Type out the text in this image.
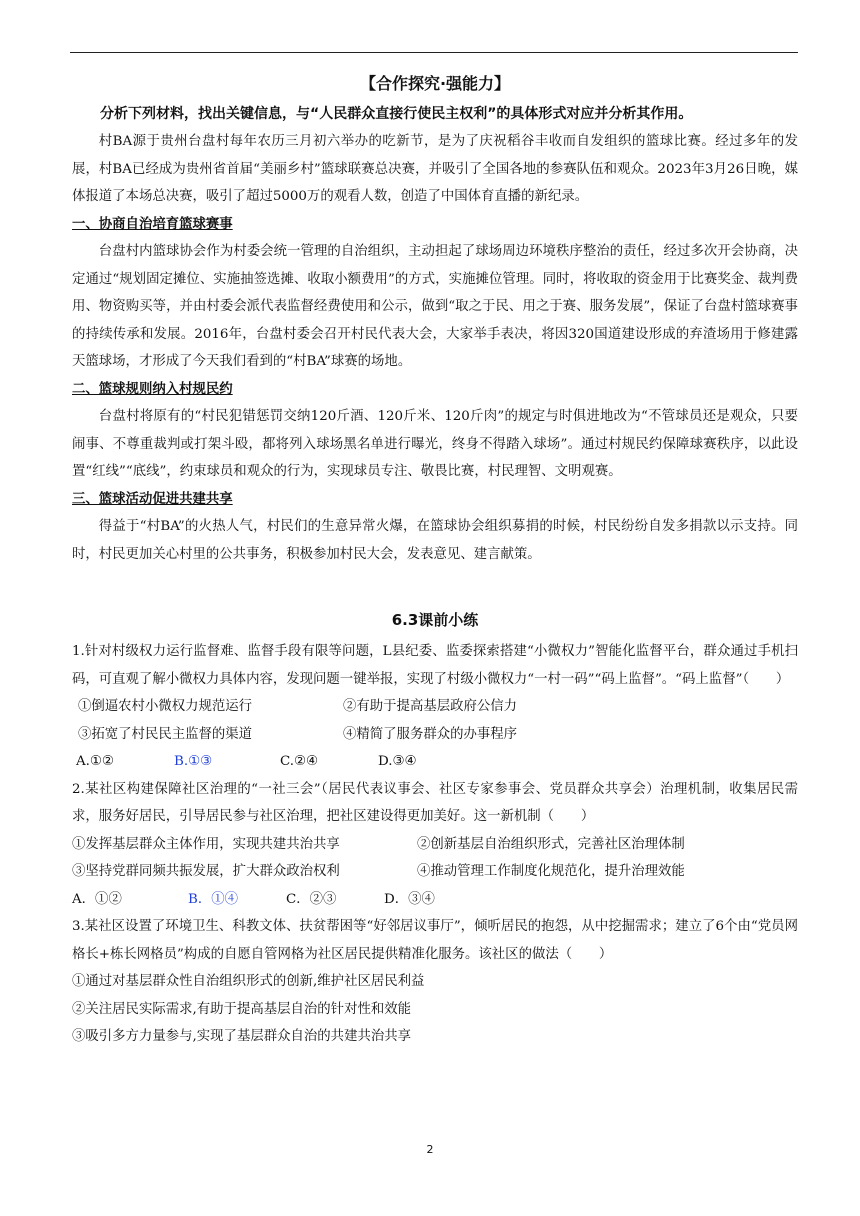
【合作探究·强能力】

分析下列材料，找出关键信息，与“人民群众直接行使民主权利”的具体形式对应并分析其作用。

村BA源于贵州台盘村每年农历三月初六举办的吃新节，是为了庆祝稻谷丰收而自发组织的篮球比赛。经过多年的发展，村BA已经成为贵州省首届“美丽乡村”篮球联赛总决赛，并吸引了全国各地的参赛队伍和观众。2023年3月26日晚，媒体报道了本场总决赛，吸引了超过5000万的观看人数，创造了中国体育直播的新纪录。

一、协商自治培育篮球赛事

台盘村内篮球协会作为村委会统一管理的自治组织，主动担起了球场周边环境秩序整治的责任，经过多次开会协商，决定通过“规划固定摊位、实施抽签选摊、收取小额费用”的方式，实施摊位管理。同时，将收取的资金用于比赛奖金、裁判费用、物资购买等，并由村委会派代表监督经费使用和公示，做到“取之于民、用之于赛、服务发展”，保证了台盘村篮球赛事的持续传承和发展。2016年，台盘村委会召开村民代表大会，大家举手表决，将因320国道建设形成的弃渣场用于修建露天篮球场，才形成了今天我们看到的“村BA”球赛的场地。

二、篮球规则纳入村规民约

台盘村将原有的“村民犯错惩罚交纳120斤酒、120斤米、120斤肉”的规定与时俱进地改为“不管球员还是观众，只要闹事、不尊重裁判或打架斗殴，都将列入球场黑名单进行曝光，终身不得踏入球场”。通过村规民约保障球赛秩序，以此设置“红线”“底线”，约束球员和观众的行为，实现球员专注、敬畏比赛，村民理智、文明观赛。

三、篮球活动促进共建共享

得益于“村BA”的火热人气，村民们的生意异常火爆，在篮球协会组织募捐的时候，村民纷纷自发多捐款以示支持。同时，村民更加关心村里的公共事务，积极参加村民大会，发表意见、建言献策。

6.3课前小练

1.针对村级权力运行监督难、监督手段有限等问题，L县纪委、监委探索搭建“小微权力”智能化监督平台，群众通过手机扫码，可直观了解小微权力具体内容，发现问题一键举报，实现了村级小微权力“一村一码”“码上监督”。“码上监督”（　　）

①倒逼农村小微权力规范运行	②有助于提高基层政府公信力
③拓宽了村民民主监督的渠道	④精简了服务群众的办事程序
A.①②	B.①③	C.②④	D.③④

2.某社区构建保障社区治理的“一社三会”（居民代表议事会、社区专家参事会、党员群众共享会）治理机制，收集居民需求，服务好居民，引导居民参与社区治理，把社区建设得更加美好。这一新机制（　　）

①发挥基层群众主体作用，实现共建共治共享	②创新基层自治组织形式，完善社区治理体制
③坚持党群同频共振发展，扩大群众政治权利	④推动管理工作制度化规范化，提升治理效能
A．①②	B．①④	C．②③	D．③④

3.某社区设置了环境卫生、科教文体、扶贫帮困等“好邻居议事厅”，倾听居民的抱怨，从中挖掘需求；建立了6个由“党员网格长+栋长网格员”构成的自愿自管网格为社区居民提供精准化服务。该社区的做法（　　）

①通过对基层群众性自治组织形式的创新,维护社区居民利益

②关注居民实际需求,有助于提高基层自治的针对性和效能

③吸引多方力量参与,实现了基层群众自治的共建共治共享

2
